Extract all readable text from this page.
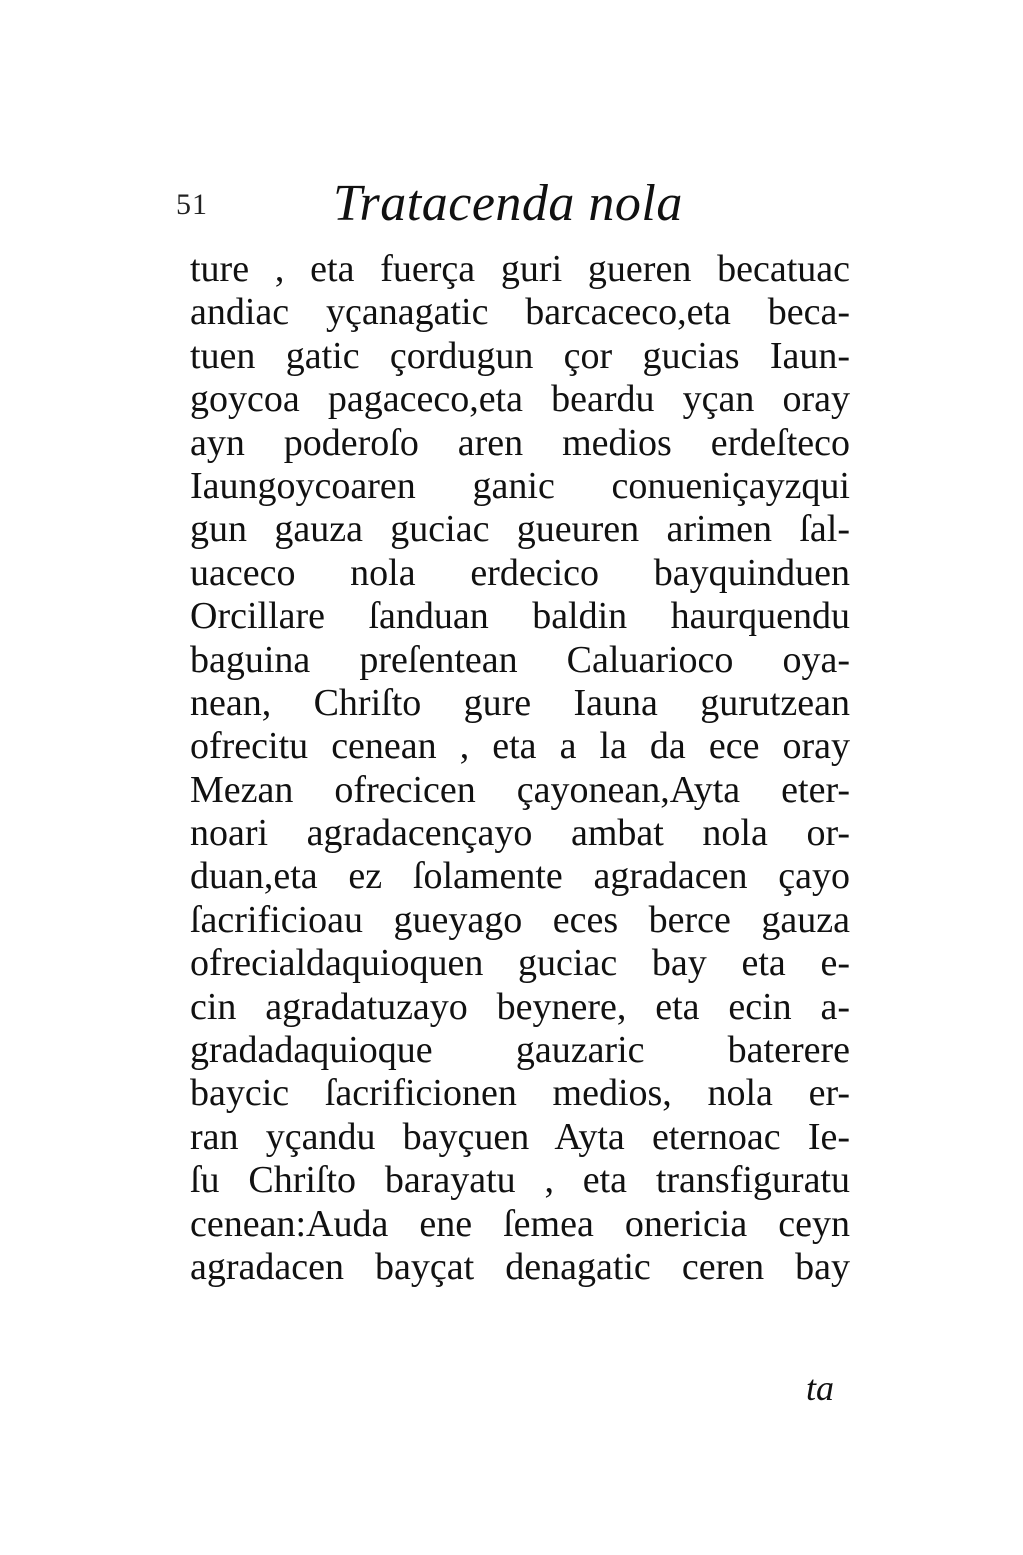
51 Tratacenda nola
ture , eta fuerça guri gueren becatuac
andiac yçanagatic barcaceco,eta beca-
tuen gatic çordugun çor gucias Iaun-
goycoa pagaceco,eta beardu yçan oray
ayn poderoſo aren medios erdeſteco
Iaungoycoaren ganic conueniçayzqui
gun gauza guciac gueuren arimen ſal-
uaceco nola erdecico bayquinduen
Orcillare ſanduan baldin haurquendu
baguina preſentean Caluarioco oya-
nean, Chriſto gure Iauna gurutzean
ofrecitu cenean , eta a la da ece oray
Mezan ofrecicen çayonean,Ayta eter-
noari agradacençayo ambat nola or-
duan,eta ez ſolamente agradacen çayo
ſacrificioau gueyago eces berce gauza
ofrecialdaquioquen guciac bay eta e-
cin agradatuzayo beynere, eta ecin a-
gradadaquioque gauzaric baterere
baycic ſacrificionen medios, nola er-
ran yçandu bayçuen Ayta eternoac Ie-
ſu Chriſto barayatu , eta transfiguratu
cenean:Auda ene ſemea onericia ceyn
agradacen bayçat denagatic ceren bay
ta
